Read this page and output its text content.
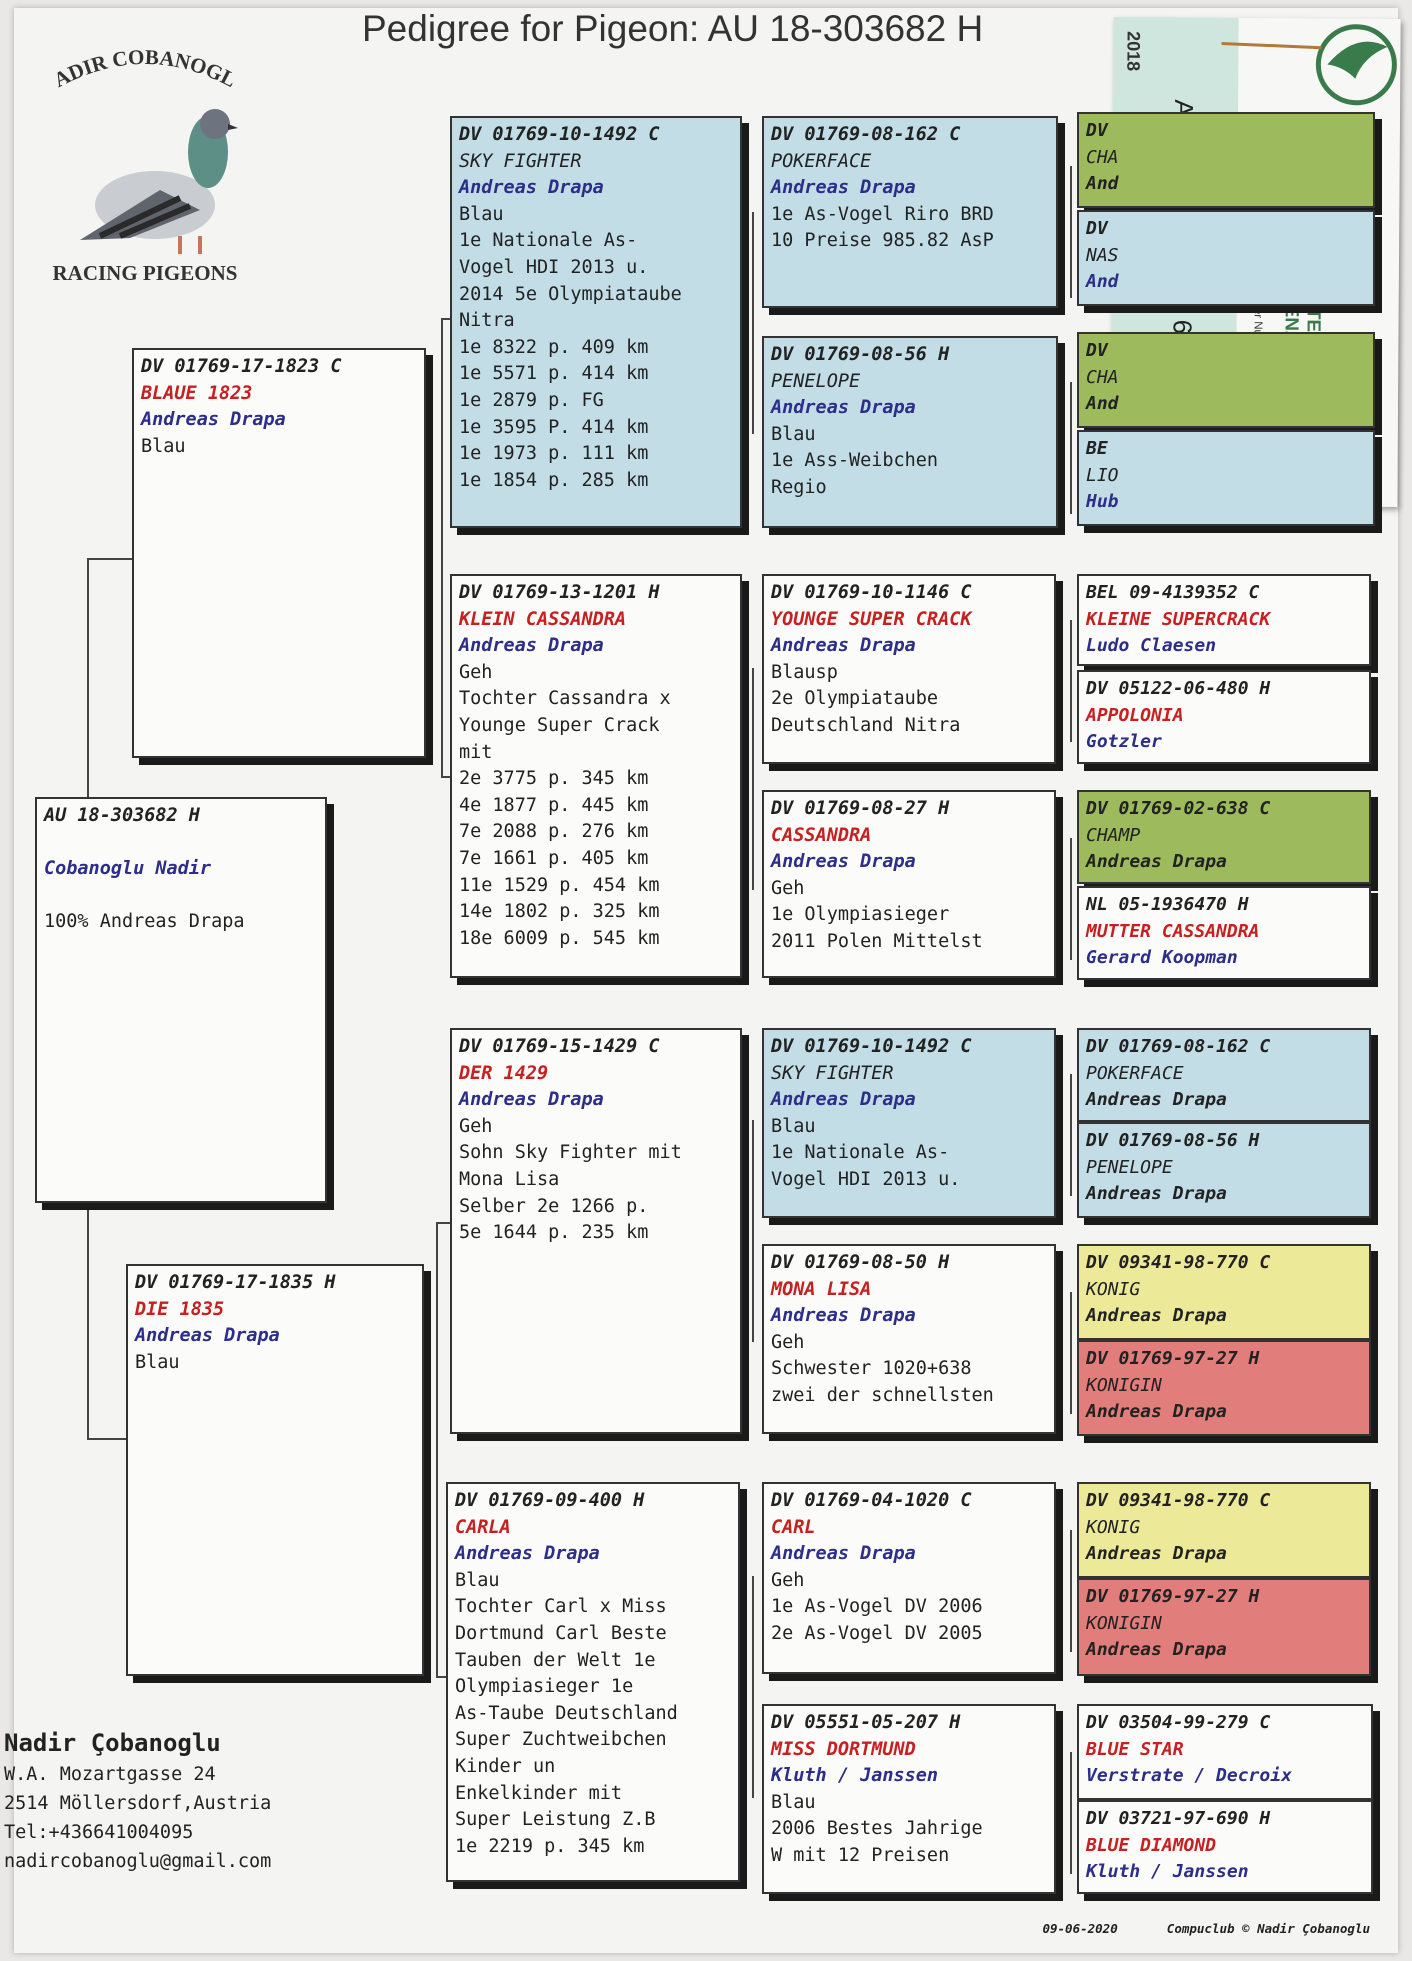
Pedigree for Pigeon: AU 18-303682 H
ADIR COBANOGL
RACING PIGEONS
2018
AU 18-303682 H

Cobanoglu Nadir

100% Andreas Drapa
DV 01769-17-1823 C
BLAUE 1823
Andreas Drapa
Blau
DV 01769-17-1835 H
DIE 1835
Andreas Drapa
Blau
DV 01769-10-1492 C
SKY FIGHTER
Andreas Drapa
Blau
1e Nationale As-
Vogel HDI 2013 u.
2014 5e Olympiataube
Nitra
1e 8322 p. 409 km
1e 5571 p. 414 km
1e 2879 p. FG
1e 3595 P. 414 km
1e 1973 p. 111 km
1e 1854 p. 285 km
DV 01769-13-1201 H
KLEIN CASSANDRA
Andreas Drapa
Geh
Tochter Cassandra x
Younge Super Crack
mit
2e 3775 p. 345 km
4e 1877 p. 445 km
7e 2088 p. 276 km
7e 1661 p. 405 km
11e 1529 p. 454 km
14e 1802 p. 325 km
18e 6009 p. 545 km
DV 01769-15-1429 C
DER 1429
Andreas Drapa
Geh
Sohn Sky Fighter mit
Mona Lisa
Selber 2e 1266 p.
5e 1644 p. 235 km
DV 01769-09-400 H
CARLA
Andreas Drapa
Blau
Tochter Carl x Miss
Dortmund Carl Beste
Tauben der Welt 1e
Olympiasieger 1e
As-Taube Deutschland
Super Zuchtweibchen
Kinder un
Enkelkinder mit
Super Leistung Z.B
1e 2219 p. 345 km
DV 01769-08-162 C
POKERFACE
Andreas Drapa
1e As-Vogel Riro BRD
10 Preise 985.82 AsP
DV 01769-08-56 H
PENELOPE
Andreas Drapa
Blau
1e Ass-Weibchen
Regio
DV 01769-10-1146 C
YOUNGE SUPER CRACK
Andreas Drapa
Blausp
2e Olympiataube
Deutschland Nitra
DV 01769-08-27 H
CASSANDRA
Andreas Drapa
Geh
1e Olympiasieger
2011 Polen Mittelst
DV 01769-10-1492 C
SKY FIGHTER
Andreas Drapa
Blau
1e Nationale As-
Vogel HDI 2013 u.
DV 01769-08-50 H
MONA LISA
Andreas Drapa
Geh
Schwester 1020+638
zwei der schnellsten
DV 01769-04-1020 C
CARL
Andreas Drapa
Geh
1e As-Vogel DV 2006
2e As-Vogel DV 2005
DV 05551-05-207 H
MISS DORTMUND
Kluth / Janssen
Blau
2006 Bestes Jahrige
W mit 12 Preisen
DV
CHA
And
DV
NAS
And
DV
CHA
And
BE
LIO
Hub
BEL 09-4139352 C
KLEINE SUPERCRACK
Ludo Claesen
DV 05122-06-480 H
APPOLONIA
Gotzler
DV 01769-02-638 C
CHAMP
Andreas Drapa
NL 05-1936470 H
MUTTER CASSANDRA
Gerard Koopman
DV 01769-08-162 C
POKERFACE
Andreas Drapa
DV 01769-08-56 H
PENELOPE
Andreas Drapa
DV 09341-98-770 C
KONIG
Andreas Drapa
DV 01769-97-27 H
KONIGIN
Andreas Drapa
DV 09341-98-770 C
KONIG
Andreas Drapa
DV 01769-97-27 H
KONIGIN
Andreas Drapa
DV 03504-99-279 C
BLUE STAR
Verstrate / Decroix
DV 03721-97-690 H
BLUE DIAMOND
Kluth / Janssen
Nadir Çobanoglu
W.A. Mozartgasse 24
2514 Möllersdorf,Austria
Tel:+436641004095
nadircobanoglu@gmail.com
09-06-2020	Compuclub © Nadir Çobanoglu
